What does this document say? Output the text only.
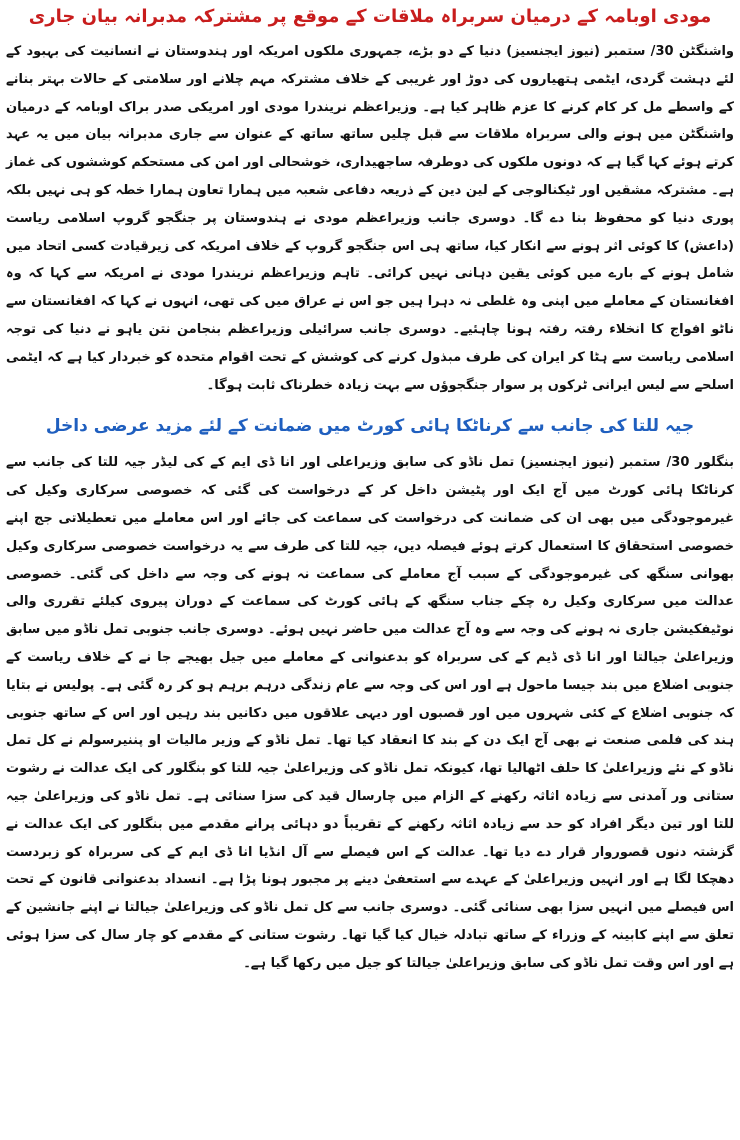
مودی اوبامہ کے درمیان سربراہ ملاقات کے موقع پر مشترکہ مدبرانہ بیان جاری

واشنگٹن 30/ ستمبر (نیوز ایجنسیز) دنیا کے دو بڑے، جمہوری ملکوں امریکہ اور ہندوستان نے انسانیت کی بہبود کے لئے دہشت گردی، ایٹمی ہتھیاروں کی دوڑ اور غریبی کے خلاف مشترکہ مہم چلانے اور سلامتی کے حالات بہتر بنانے کے واسطے مل کر کام کرنے کا عزم ظاہر کیا ہے۔ وزیراعظم نریندرا مودی اور امریکی صدر براک اوبامہ کے درمیان واشنگٹن میں ہونے والی سربراہ ملاقات سے قبل چلیں ساتھ ساتھ کے عنوان سے جاری مدبرانہ بیان میں یہ عہد کرتے ہوئے کہا گیا ہے کہ دونوں ملکوں کی دوطرفہ ساجھیداری، خوشحالی اور امن کی مستحکم کوششوں کی غماز ہے۔ مشترکہ مشقیں اور ٹیکنالوجی کے لین دین کے ذریعہ دفاعی شعبہ میں ہمارا تعاون ہمارا خطہ کو ہی نہیں بلکہ پوری دنیا کو محفوظ بنا دے گا۔ دوسری جانب وزیراعظم مودی نے ہندوستان پر جنگجو گروپ اسلامی ریاست (داعش) کا کوئی اثر ہونے سے انکار کیا، ساتھ ہی اس جنگجو گروپ کے خلاف امریکہ کی زیرقیادت کسی اتحاد میں شامل ہونے کے بارے میں کوئی یقین دہانی نہیں کرائی۔ تاہم وزیراعظم نریندرا مودی نے امریکہ سے کہا کہ وہ افغانستان کے معاملے میں اپنی وہ غلطی نہ دہرا ہیں جو اس نے عراق میں کی تھی، انہوں نے کہا کہ افغانستان سے ناٹو افواج کا انخلاء رفتہ رفتہ ہونا چاہئیے۔ دوسری جانب سرائیلی وزیراعظم بنجامن نتن یاہو نے دنیا کی توجہ اسلامی ریاست سے ہٹا کر ایران کی طرف مبذول کرنے کی کوشش کے تحت اقوام متحدہ کو خبردار کیا ہے کہ ایٹمی اسلحے سے لیس ایرانی ٹرکوں پر سوار جنگجوؤں سے بہت زیادہ خطرناک ثابت ہوگا۔

جیہ للتا کی جانب سے کرناٹکا ہائی کورٹ میں ضمانت کے لئے مزید عرضی داخل

بنگلور 30/ ستمبر (نیوز ایجنسیز) تمل ناڈو کی سابق وزیراعلی اور انا ڈی ایم کے کی لیڈر جیہ للتا کی جانب سے کرناٹکا ہائی کورٹ میں آج ایک اور پٹیشن داخل کر کے درخواست کی گئی کہ خصوصی سرکاری وکیل کی غیرموجودگی میں بھی ان کی ضمانت کی درخواست کی سماعت کی جائے اور اس معاملے میں تعطیلاتی جج اپنے خصوصی استحقاق کا استعمال کرتے ہوئے فیصلہ دیں، جیہ للتا کی طرف سے یہ درخواست خصوصی سرکاری وکیل بھوانی سنگھ کی غیرموجودگی کے سبب آج معاملے کی سماعت نہ ہونے کی وجہ سے داخل کی گئی۔ خصوصی عدالت میں سرکاری وکیل رہ چکے جناب سنگھ کے ہائی کورٹ کی سماعت کے دوران پیروی کیلئے تقرری والی نوٹیفکیشن جاری نہ ہونے کی وجہ سے وہ آج عدالت میں حاضر نہیں ہوئے۔ دوسری جانب جنوبی تمل ناڈو میں سابق وزیراعلیٰ جیالتا اور انا ڈی ڈیم کے کی سربراہ کو بدعنوانی کے معاملے میں جیل بھیجے جا نے کے خلاف ریاست کے جنوبی اضلاع میں بند جیسا ماحول ہے اور اس کی وجہ سے عام زندگی درہم برہم ہو کر رہ گئی ہے۔ پولیس نے بتایا کہ جنوبی اضلاع کے کئی شہروں میں اور قصبوں اور دیہی علاقوں میں دکانیں بند رہیں اور اس کے ساتھ جنوبی ہند کی فلمی صنعت نے بھی آج ایک دن کے بند کا انعقاد کیا تھا۔ تمل ناڈو کے وزیر مالیات او پننیرسولم نے کل تمل ناڈو کے نئے وزیراعلیٰ کا حلف اٹھالیا تھا، کیونکہ تمل ناڈو کی وزیراعلیٰ جیہ للتا کو بنگلور کی ایک عدالت نے رشوت ستانی ور آمدنی سے زیادہ اثاثہ رکھنے کے الزام میں چارسال قید کی سزا سنائی ہے۔ تمل ناڈو کی وزیراعلیٰ جیہ للتا اور تین دیگر افراد کو حد سے زیادہ اثاثہ رکھنے کے تقریباً دو دہائی پرانے مقدمے میں بنگلور کی ایک عدالت نے گزشتہ دنوں قصوروار قرار دے دیا تھا۔ عدالت کے اس فیصلے سے آل انڈیا انا ڈی ایم کے کی سربراہ کو زبردست دھچکا لگا ہے اور انہیں وزیراعلیٰ کے عہدے سے استعفیٰ دینے پر مجبور ہونا پڑا ہے۔ انسداد بدعنوانی قانون کے تحت اس فیصلے میں انہیں سزا بھی سنائی گئی۔ دوسری جانب سے کل تمل ناڈو کی وزیراعلیٰ جیالتا نے اپنے جانشین کے تعلق سے اپنے کابینہ کے وزراء کے ساتھ تبادلہ خیال کیا گیا تھا۔ رشوت ستانی کے مقدمے کو چار سال کی سزا ہوئی ہے اور اس وقت تمل ناڈو کی سابق وزیراعلیٰ جیالتا کو جیل میں رکھا گیا ہے۔
